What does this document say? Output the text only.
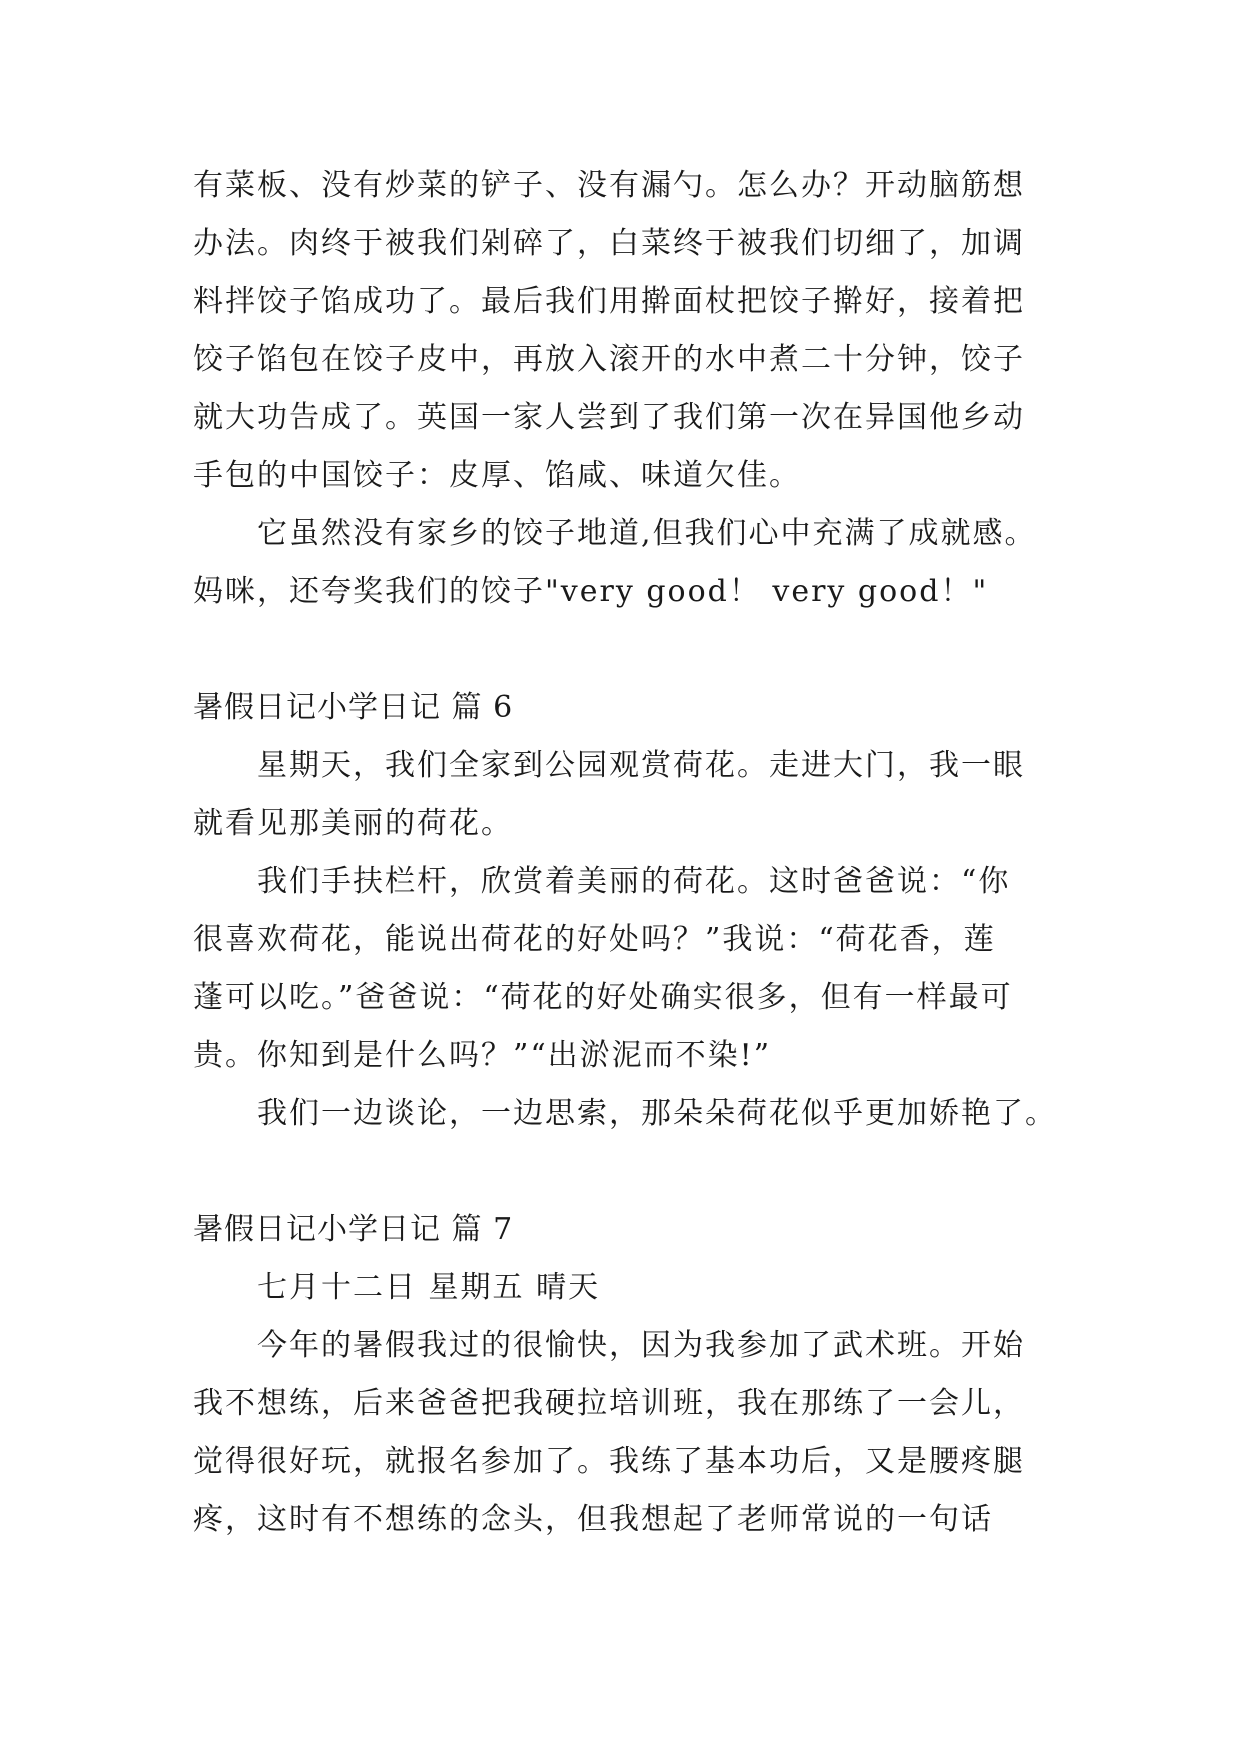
有菜板、没有炒菜的铲子、没有漏勺。怎么办？开动脑筋想
办法。肉终于被我们剁碎了，白菜终于被我们切细了，加调
料拌饺子馅成功了。最后我们用擀面杖把饺子擀好，接着把
饺子馅包在饺子皮中，再放入滚开的水中煮二十分钟，饺子
就大功告成了。英国一家人尝到了我们第一次在异国他乡动
手包的中国饺子：皮厚、馅咸、味道欠佳。
它虽然没有家乡的饺子地道,但我们心中充满了成就感。
妈咪，还夸奖我们的饺子"very good！ very good！"
暑假日记小学日记 篇 6
星期天，我们全家到公园观赏荷花。走进大门，我一眼
就看见那美丽的荷花。
我们手扶栏杆，欣赏着美丽的荷花。这时爸爸说：“你
很喜欢荷花，能说出荷花的好处吗？”我说：“荷花香，莲
蓬可以吃。”爸爸说：“荷花的好处确实很多，但有一样最可
贵。你知到是什么吗？”“出淤泥而不染!”
我们一边谈论，一边思索，那朵朵荷花似乎更加娇艳了。
暑假日记小学日记 篇 7
七月十二日 星期五 晴天
今年的暑假我过的很愉快，因为我参加了武术班。开始
我不想练，后来爸爸把我硬拉培训班，我在那练了一会儿，
觉得很好玩，就报名参加了。我练了基本功后，又是腰疼腿
疼，这时有不想练的念头，但我想起了老师常说的一句话
